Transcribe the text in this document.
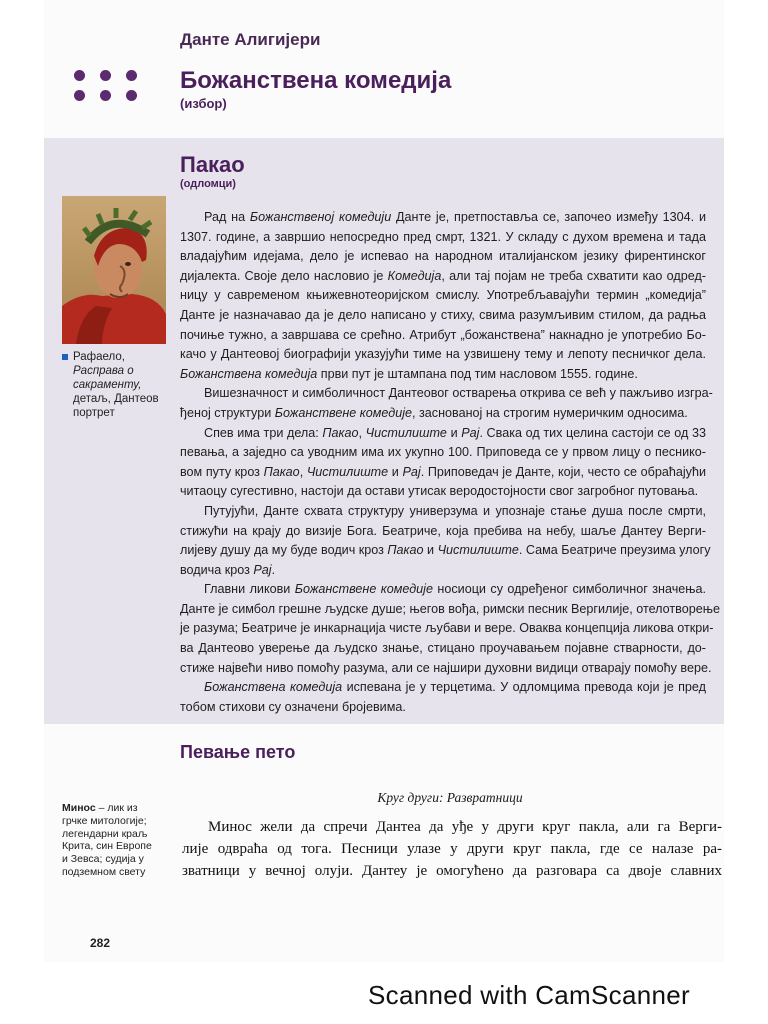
Данте Алигијери
Божанствена комедија
(избор)
Пакао
(одломци)
Рафаело,
Расправа о
сакраменту,
детаљ, Дантеов
портрет
Рад на Божанственој комедији Данте је, претпоставља се, започео између 1304. и
1307. године, а завршио непосредно пред смрт, 1321. У складу с духом времена и тада
владајућим идејама, дело је испевао на народном италијанском језику фирентинског
дијалекта. Своје дело насловио је Комедија, али тај појам не треба схватити као одред-
ницу у савременом књижевнотеоријском смислу. Употребљавајући термин „комедија”
Данте је назначавао да је дело написано у стиху, свима разумљивим стилом, да радња
почиње тужно, а завршава се срећно. Атрибут „божанствена” накнадно је употребио Бо-
качо у Дантеовој биографији указујући тиме на узвишену тему и лепоту песничког дела.
Божанствена комедија први пут је штампана под тим насловом 1555. године.
Вишезначност и симболичност Дантеовог остварења открива се већ у пажљиво изгра-
ђеној структури Божанствене комедије, заснованој на строгим нумеричким односима.
Спев има три дела: Пакао, Чистилиште и Рај. Свака од тих целина састоји се од 33
певања, а заједно са уводним има их укупно 100. Приповеда се у првом лицу о песнико-
вом путу кроз Пакао, Чистилиште и Рај. Приповедач је Данте, који, често се обраћајући
читаоцу сугестивно, настоји да остави утисак веродостојности свог загробног путовања.
Путујући, Данте схвата структуру универзума и упознаје стање душа после смрти,
стижући на крају до визије Бога. Беатриче, која пребива на небу, шаље Дантеу Верги-
лијеву душу да му буде водич кроз Пакао и Чистилиште. Сама Беатриче преузима улогу
водича кроз Рај.
Главни ликови Божанствене комедије носиоци су одређеног симболичног значења.
Данте је симбол грешне људске душе; његов вођа, римски песник Вергилије, отелотворење
је разума; Беатриче је инкарнација чисте љубави и вере. Оваква концепција ликова откри-
ва Дантеово уверење да људско знање, стицано проучавањем појавне стварности, до-
стиже највећи ниво помоћу разума, али се најшири духовни видици отварају помоћу вере.
Божанствена комедија испевана је у терцетима. У одломцима превода који је пред
тобом стихови су означени бројевима.
Певање пето
Круг други: Развратници
Минос – лик из
грчке митологије;
легендарни краљ
Крита, син Европе
и Зевса; судија у
подземном свету
Минос жели да спречи Дантеа да уђе у други круг пакла, али га Верги-
лије одвраћа од тога. Песници улазе у други круг пакла, где се налазе ра-
зватници у вечној олуји. Дантеу је омогућено да разговара са двоје славних
282
Scanned with CamScanner
